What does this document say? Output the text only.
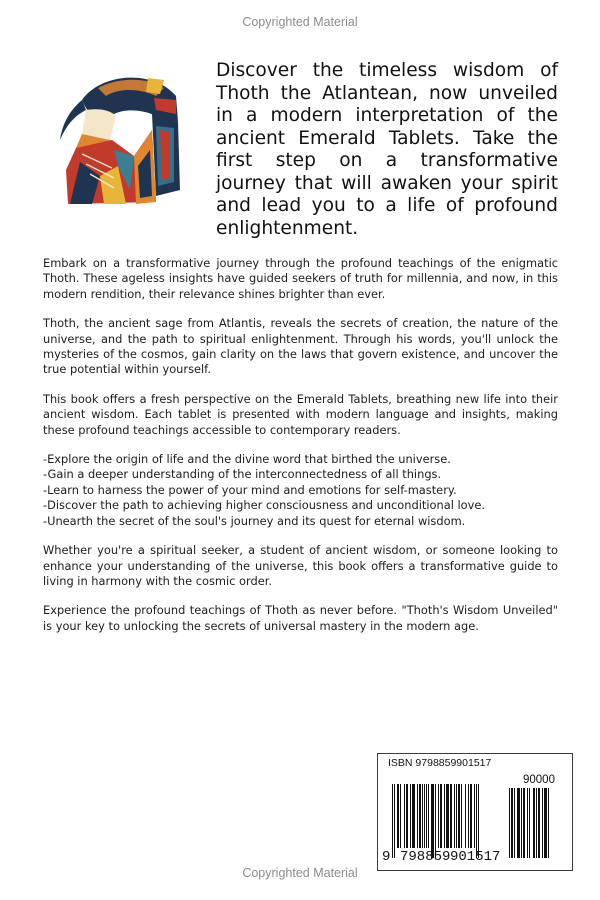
Copyrighted Material
Discover the timeless wisdom of Thoth the Atlantean, now unveiled in a modern interpretation of the ancient Emerald Tablets. Take the first step on a transformative journey that will awaken your spirit and lead you to a life of profound enlightenment.

Embark on a transformative journey through the profound teachings of the enigmatic Thoth. These ageless insights have guided seekers of truth for millennia, and now, in this modern rendition, their relevance shines brighter than ever.

Thoth, the ancient sage from Atlantis, reveals the secrets of creation, the nature of the universe, and the path to spiritual enlightenment. Through his words, you'll unlock the mysteries of the cosmos, gain clarity on the laws that govern existence, and uncover the true potential within yourself.

This book offers a fresh perspective on the Emerald Tablets, breathing new life into their ancient wisdom. Each tablet is presented with modern language and insights, making these profound teachings accessible to contemporary readers.

-Explore the origin of life and the divine word that birthed the universe.
-Gain a deeper understanding of the interconnectedness of all things.
-Learn to harness the power of your mind and emotions for self-mastery.
-Discover the path to achieving higher consciousness and unconditional love.
-Unearth the secret of the soul's journey and its quest for eternal wisdom.

Whether you're a spiritual seeker, a student of ancient wisdom, or someone looking to enhance your understanding of the universe, this book offers a transformative guide to living in harmony with the cosmic order.

Experience the profound teachings of Thoth as never before. "Thoth's Wisdom Unveiled" is your key to unlocking the secrets of universal mastery in the modern age.

ISBN 9798859901517
90000
9 798859 901517
Copyrighted Material
